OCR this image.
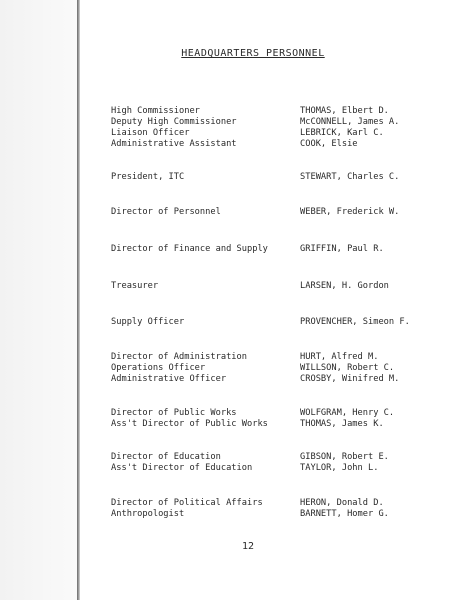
HEADQUARTERS PERSONNEL
High Commissioner	THOMAS, Elbert D.
Deputy High Commissioner	McCONNELL, James A.
Liaison Officer	LEBRICK, Karl C.
Administrative Assistant	COOK, Elsie
President, ITC	STEWART, Charles C.
Director of Personnel	WEBER, Frederick W.
Director of Finance and Supply	GRIFFIN, Paul R.
Treasurer	LARSEN, H. Gordon
Supply Officer	PROVENCHER, Simeon F.
Director of Administration	HURT, Alfred M.
Operations Officer	WILLSON, Robert C.
Administrative Officer	CROSBY, Winifred M.
Director of Public Works	WOLFGRAM, Henry C.
Ass't Director of Public Works	THOMAS, James K.
Director of Education	GIBSON, Robert E.
Ass't Director of Education	TAYLOR, John L.
Director of Political Affairs	HERON, Donald D.
Anthropologist	BARNETT, Homer G.
12
